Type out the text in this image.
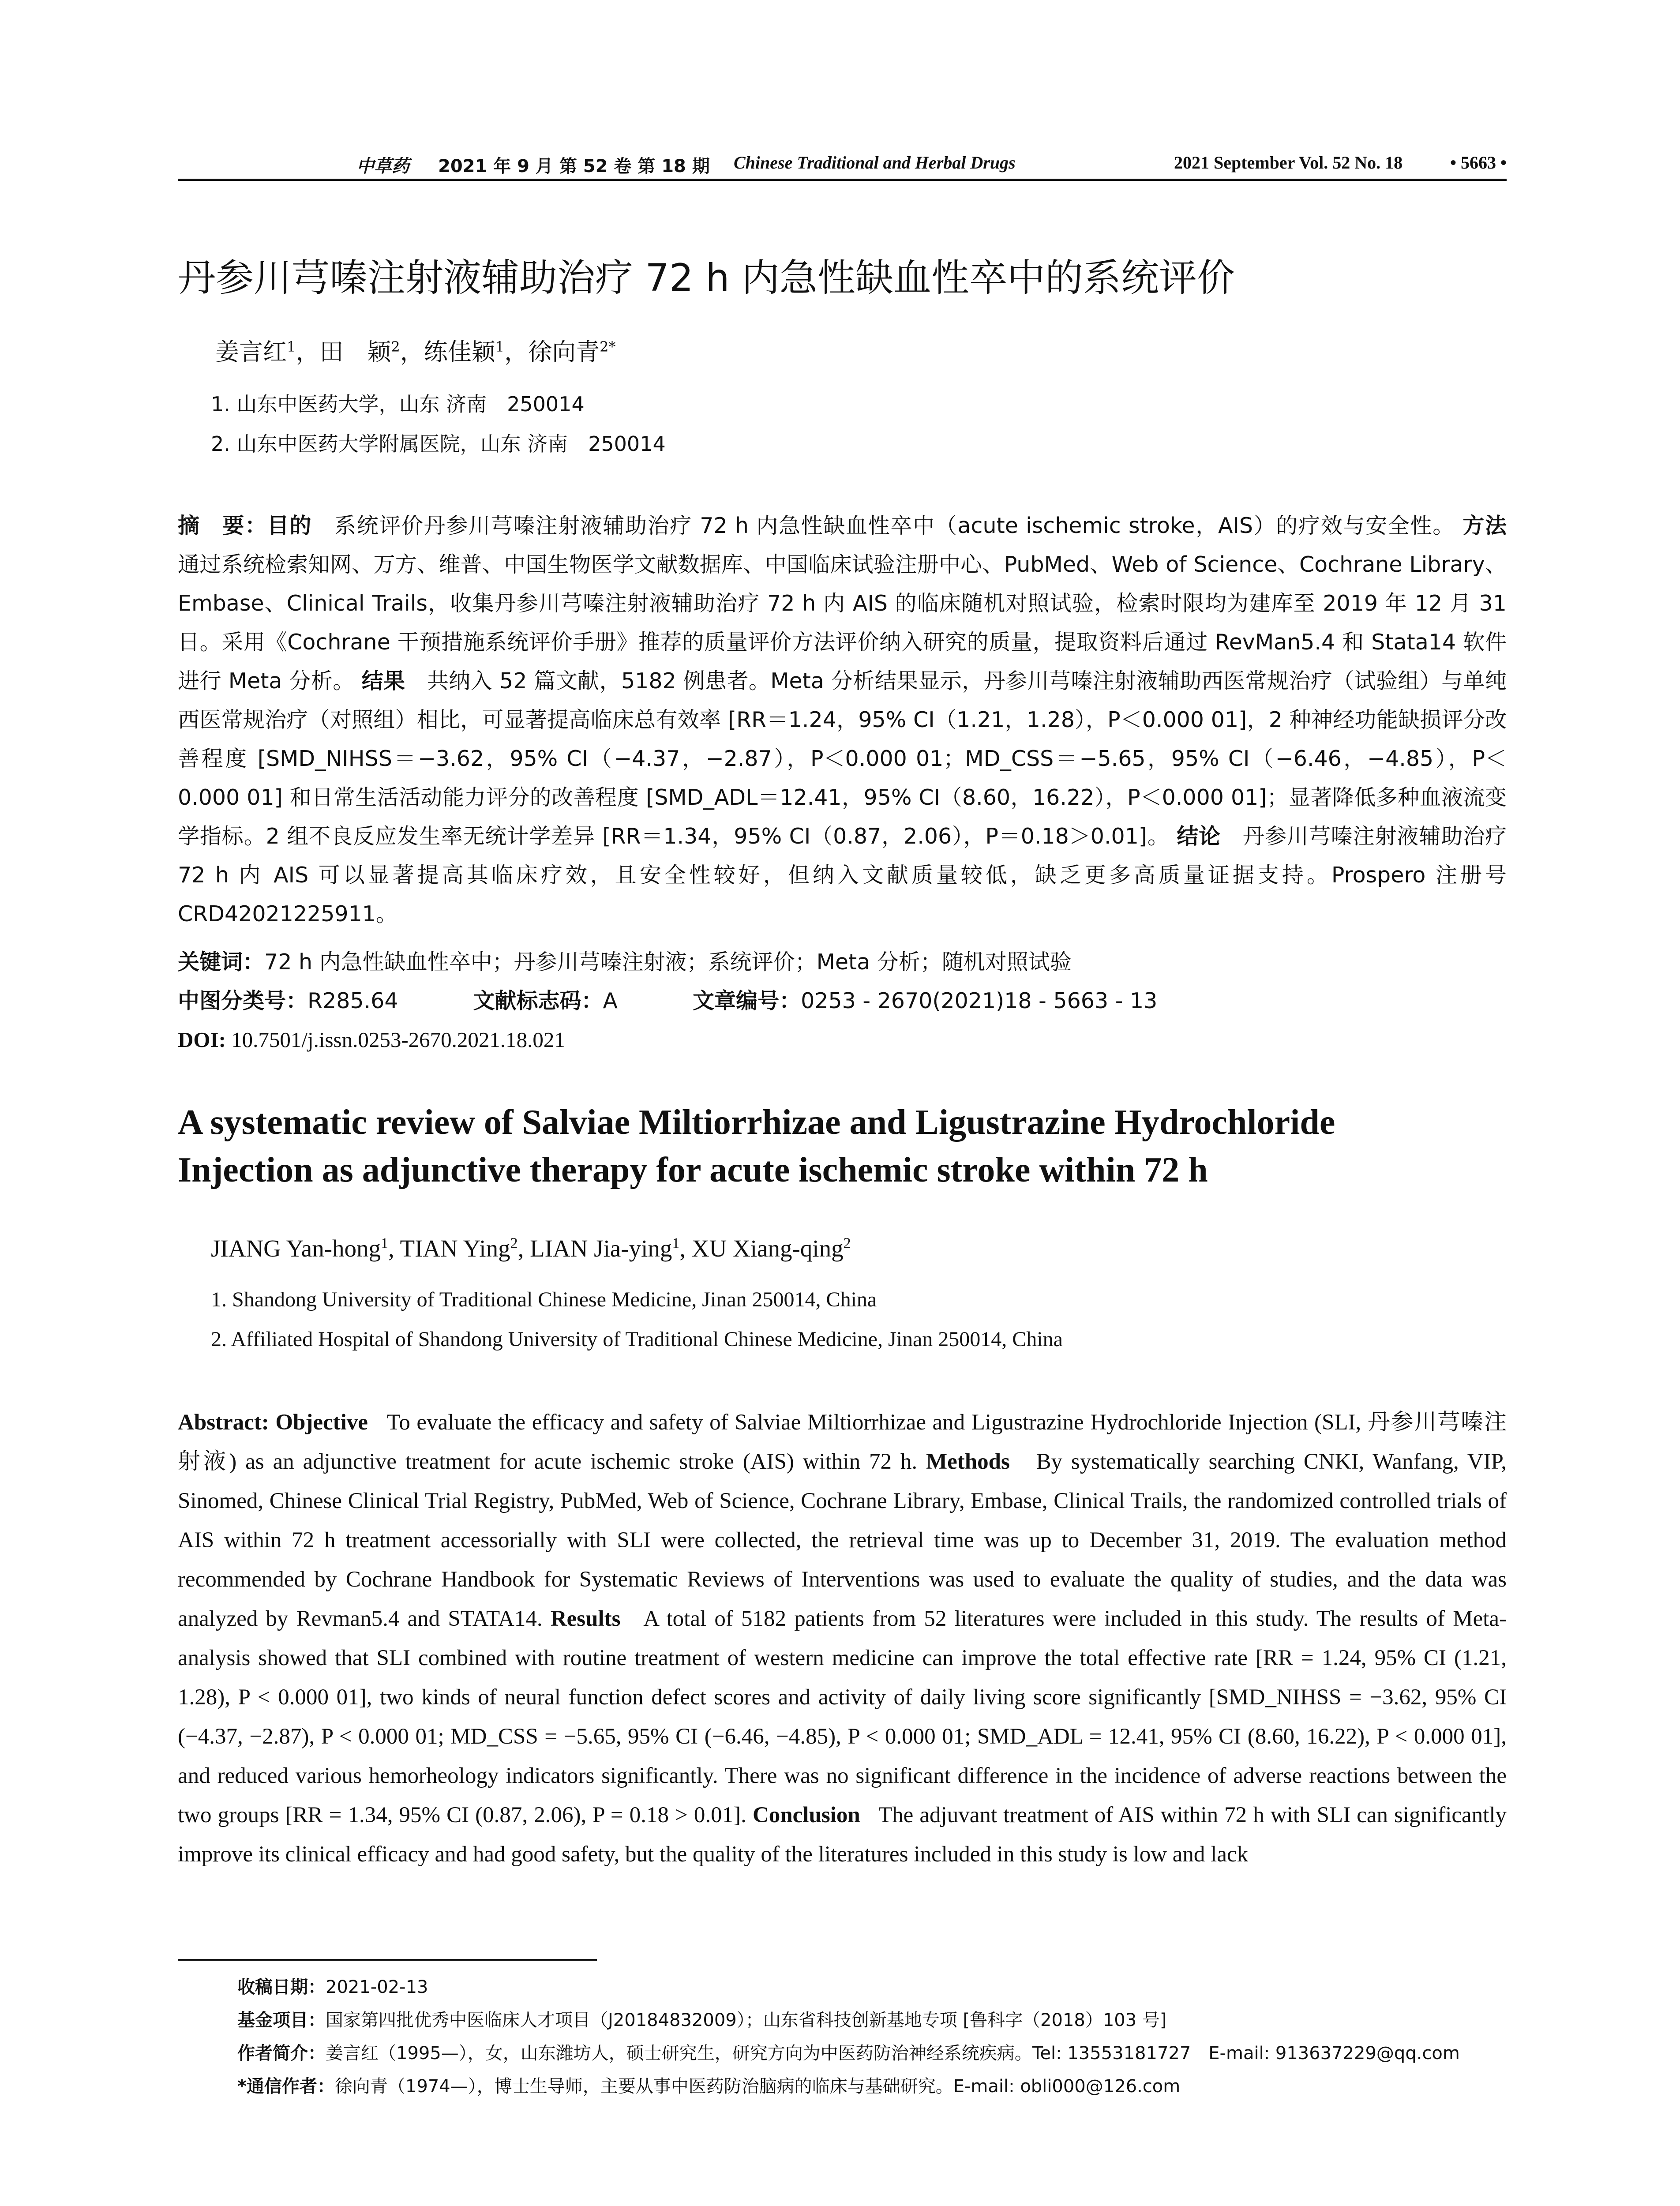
中草药 2021 年 9 月 第 52 卷 第 18 期 Chinese Traditional and Herbal Drugs	2021 September Vol. 52 No. 18	• 5663 •
丹参川芎嗪注射液辅助治疗 72 h 内急性缺血性卒中的系统评价
姜言红$^1$，田　颖$^2$，练佳颖$^1$，徐向青$^{2*}$
1. 山东中医药大学，山东 济南　250014
2. 山东中医药大学附属医院，山东 济南　250014
摘　要：目的　 系统评价丹参川芎嗪注射液辅助治疗 72 h 内急性缺血性卒中（acute ischemic stroke，AIS）的疗效与安全性。 方法　通过系统检索知网、万方、维普、中国生物医学文献数据库、中国临床试验注册中心、PubMed、Web of Science、Cochrane Library、Embase、Clinical Trails，收集丹参川芎嗪注射液辅助治疗 72 h 内 AIS 的临床随机对照试验，检索时限均为建库至 2019 年 12 月 31 日。采用《Cochrane 干预措施系统评价手册》推荐的质量评价方法评价纳入研究的质量，提取资料后通过 RevMan5.4 和 Stata14 软件进行 Meta 分析。 结果　 共纳入 52 篇文献，5182 例患者。Meta 分析结果显示，丹参川芎嗪注射液辅助西医常规治疗（试验组）与单纯西医常规治疗（对照组）相比，可显著提高临床总有效率 [RR＝1.24，95% CI（1.21，1.28），P＜0.000 01]，2 种神经功能缺损评分改善程度 [SMD_NIHSS＝−3.62，95% CI（−4.37，−2.87），P＜0.000 01；MD_CSS＝−5.65，95% CI（−6.46，−4.85），P＜0.000 01] 和日常生活活动能力评分的改善程度 [SMD_ADL＝12.41，95% CI（8.60，16.22），P＜0.000 01]；显著降低多种血液流变学指标。2 组不良反应发生率无统计学差异 [RR＝1.34，95% CI（0.87，2.06），P＝0.18＞0.01]。 结论　 丹参川芎嗪注射液辅助治疗 72 h 内 AIS 可以显著提高其临床疗效，且安全性较好，但纳入文献质量较低，缺乏更多高质量证据支持。Prospero 注册号 CRD42021225911。
关键词：72 h 内急性缺血性卒中；丹参川芎嗪注射液；系统评价；Meta 分析；随机对照试验
中图分类号：R285.64	文献标志码：A	文章编号：0253 - 2670(2021)18 - 5663 - 13
DOI: 10.7501/j.issn.0253-2670.2021.18.021
A systematic review of Salviae Miltiorrhizae and Ligustrazine Hydrochloride
Injection as adjunctive therapy for acute ischemic stroke within 72 h
JIANG Yan-hong$^1$, TIAN Ying$^2$, LIAN Jia-ying$^1$, XU Xiang-qing$^2$
1. Shandong University of Traditional Chinese Medicine, Jinan 250014, China
2. Affiliated Hospital of Shandong University of Traditional Chinese Medicine, Jinan 250014, China
Abstract: Objective To evaluate the efficacy and safety of Salviae Miltiorrhizae and Ligustrazine Hydrochloride Injection (SLI, 丹参川芎嗪注射液) as an adjunctive treatment for acute ischemic stroke (AIS) within 72 h. Methods By systematically searching CNKI, Wanfang, VIP, Sinomed, Chinese Clinical Trial Registry, PubMed, Web of Science, Cochrane Library, Embase, Clinical Trails, the randomized controlled trials of AIS within 72 h treatment accessorially with SLI were collected, the retrieval time was up to December 31, 2019. The evaluation method recommended by Cochrane Handbook for Systematic Reviews of Interventions was used to evaluate the quality of studies, and the data was analyzed by Revman5.4 and STATA14. Results A total of 5182 patients from 52 literatures were included in this study. The results of Meta-analysis showed that SLI combined with routine treatment of western medicine can improve the total effective rate [RR = 1.24, 95% CI (1.21, 1.28), P < 0.000 01], two kinds of neural function defect scores and activity of daily living score significantly [SMD_NIHSS = −3.62, 95% CI (−4.37, −2.87), P < 0.000 01; MD_CSS = −5.65, 95% CI (−6.46, −4.85), P < 0.000 01; SMD_ADL = 12.41, 95% CI (8.60, 16.22), P < 0.000 01], and reduced various hemorheology indicators significantly. There was no significant difference in the incidence of adverse reactions between the two groups [RR = 1.34, 95% CI (0.87, 2.06), P = 0.18 > 0.01]. Conclusion The adjuvant treatment of AIS within 72 h with SLI can significantly improve its clinical efficacy and had good safety, but the quality of the literatures included in this study is low and lack
收稿日期：2021-02-13
基金项目：国家第四批优秀中医临床人才项目（J20184832009）；山东省科技创新基地专项 [鲁科字（2018）103 号]
作者简介：姜言红（1995—），女，山东潍坊人，硕士研究生，研究方向为中医药防治神经系统疾病。Tel: 13553181727　E-mail: 913637229@qq.com
*通信作者：徐向青（1974—），博士生导师，主要从事中医药防治脑病的临床与基础研究。E-mail: obli000@126.com
